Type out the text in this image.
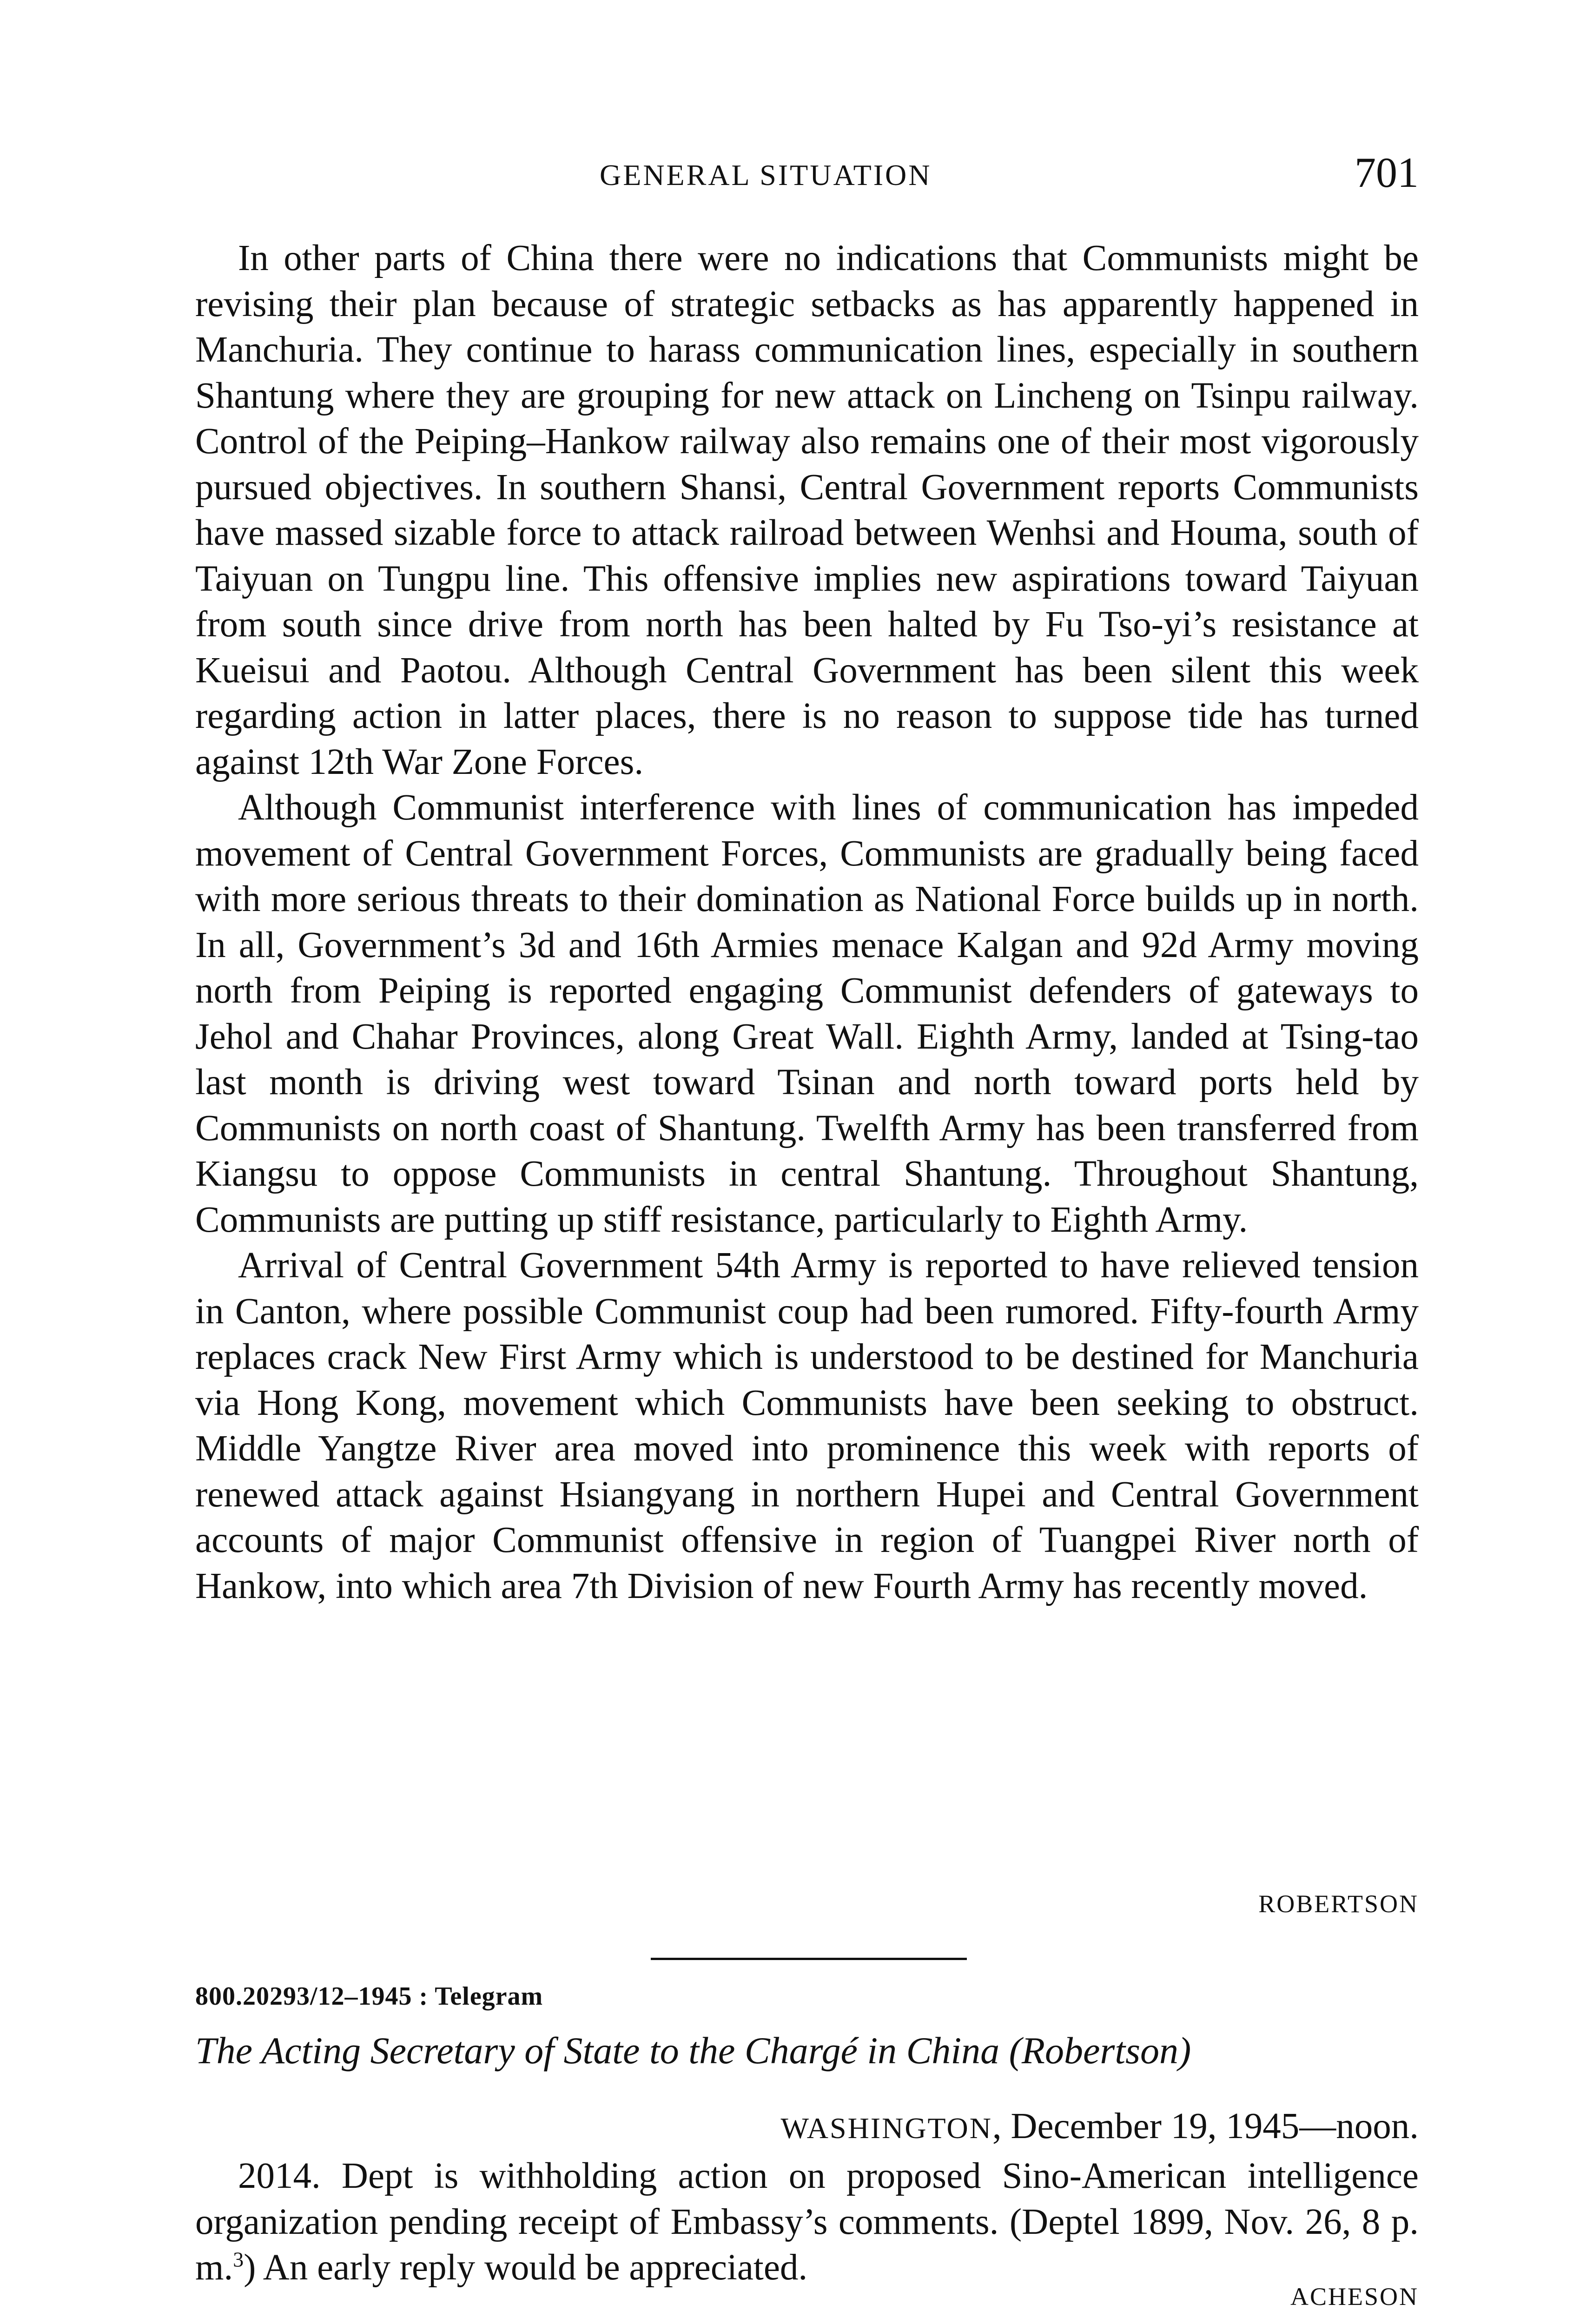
GENERAL SITUATION	701

In other parts of China there were no indications that Communists might be revising their plan because of strategic setbacks as has apparently happened in Manchuria. They continue to harass communication lines, especially in southern Shantung where they are grouping for new attack on Lincheng on Tsinpu railway. Control of the Peiping–Hankow railway also remains one of their most vigorously pursued objectives. In southern Shansi, Central Government reports Communists have massed sizable force to attack railroad between Wenhsi and Houma, south of Taiyuan on Tungpu line. This offensive implies new aspirations toward Taiyuan from south since drive from north has been halted by Fu Tso-yi’s resistance at Kueisui and Paotou. Although Central Government has been silent this week regarding action in latter places, there is no reason to suppose tide has turned against 12th War Zone Forces.

Although Communist interference with lines of communication has impeded movement of Central Government Forces, Communists are gradually being faced with more serious threats to their domination as National Force builds up in north. In all, Government’s 3d and 16th Armies menace Kalgan and 92d Army moving north from Peiping is reported engaging Communist defenders of gateways to Jehol and Chahar Provinces, along Great Wall. Eighth Army, landed at Tsing-tao last month is driving west toward Tsinan and north toward ports held by Communists on north coast of Shantung. Twelfth Army has been transferred from Kiangsu to oppose Communists in central Shantung. Throughout Shantung, Communists are putting up stiff resistance, particularly to Eighth Army.

Arrival of Central Government 54th Army is reported to have relieved tension in Canton, where possible Communist coup had been rumored. Fifty-fourth Army replaces crack New First Army which is understood to be destined for Manchuria via Hong Kong, movement which Communists have been seeking to obstruct. Middle Yangtze River area moved into prominence this week with reports of renewed attack against Hsiangyang in northern Hupei and Central Government accounts of major Communist offensive in region of Tuangpei River north of Hankow, into which area 7th Division of new Fourth Army has recently moved.

ROBERTSON
800.20293/12–1945 : Telegram
The Acting Secretary of State to the Chargé in China (Robertson)
WASHINGTON, December 19, 1945—noon.

2014. Dept is withholding action on proposed Sino-American intelligence organization pending receipt of Embassy’s comments. (Deptel 1899, Nov. 26, 8 p. m.$^3$) An early reply would be appreciated.

ACHESON
